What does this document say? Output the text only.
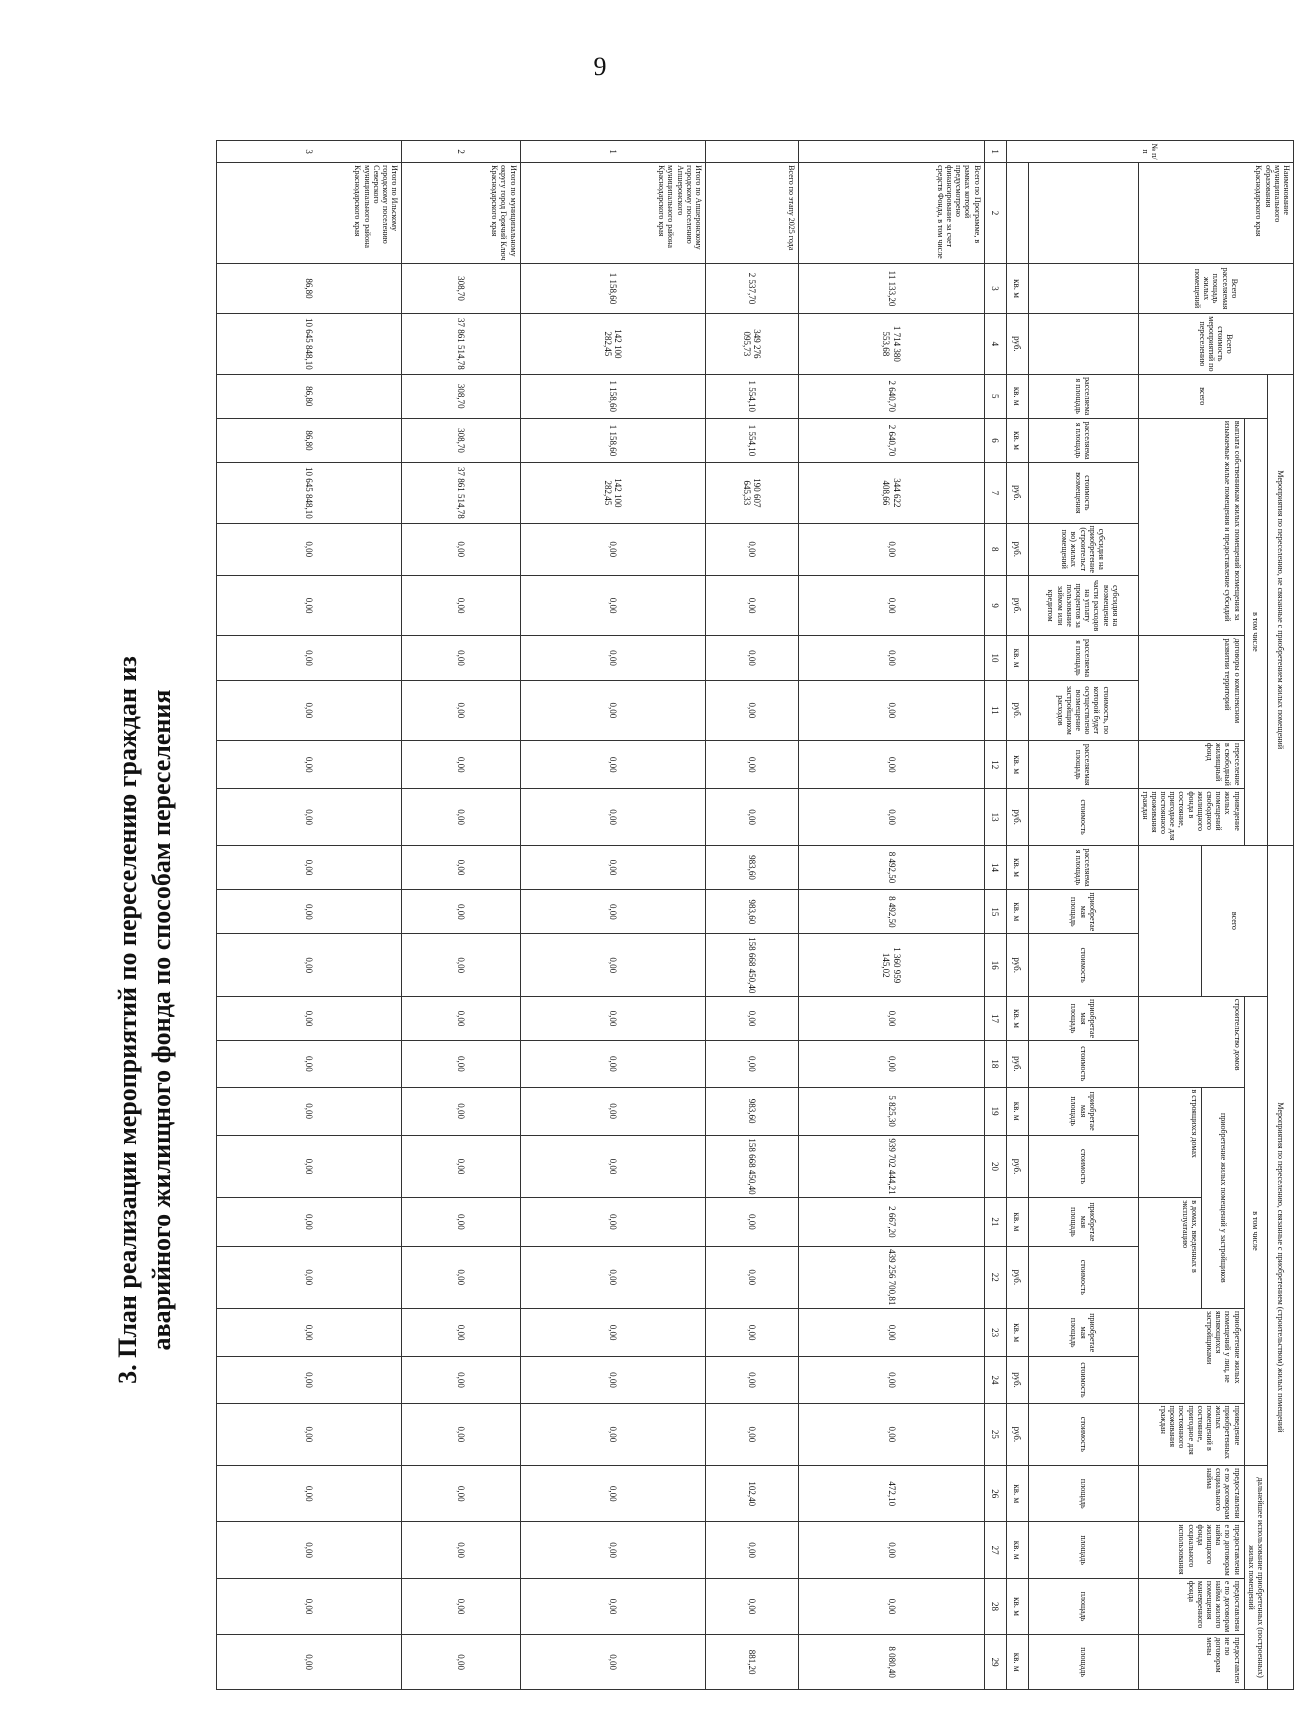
9
3. План реализации мероприятий по переселению граждан из аварийного жилищного фонда по способам переселения
№ п/п	Наименование муниципального образования Краснодарского края	Всего расселяемая площадь жилых помещений	Всего стоимость мероприятий по переселению	Мероприятия по переселению, не связанные с приобретением жилых помещений									Мероприятия по переселению, связанные с приобретением (строительством) жилых помещений															
				всего	в том числе								всего			в том числе									дальнейшее использование приобретенных (построенных) жилых помещений			
					выплата собственникам жилых помещений возмещения за изымаемые жилые помещения и предоставление субсидий				договоры о комплексном развитии территорий		переселение в свободный жилищный фонд	приведение жилых помещений свободного жилищного фонда в состояние, пригодное для постоянного проживания граждан				строительство домов		приобретение жилых помещений у застройщиков				приобретение жилых помещений у лиц, не являющихся застройщиками		приведение приобретенных жилых помещений в состояние, пригодное для постоянного проживания граждан	предоставление по договорам социального найма	предоставление по договорам найма жилищного фонда социального использования	предоставление по договорам найма жилого помещения маневренного фонда	предоставление по договорам мены
																		в строящихся домах		в домах, введенных в эксплуатацию								
				расселяемая площадь	расселяемая площадь	стоимость возмещения	субсидия на приобретение (строительство) жилых помещений	субсидия на возмещение части расходов на уплату процентов за пользование займом или кредитом	расселяемая площадь	стоимость, по которой будет осуществлено возмещение застройщиком расходов	расселяемая площадь	стоимость	расселяемая площадь	приобретаемая площадь	стоимость	приобретаемая площадь	стоимость	приобретаемая площадь	стоимость	приобретаемая площадь	стоимость	приобретаемая площадь	стоимость	стоимость	площадь	площадь	площадь	площадь
		кв. м	руб.	кв. м	кв. м	руб.	руб.	руб.	кв. м	руб.	кв. м	руб.	кв. м	кв. м	руб.	кв. м	руб.	кв. м	руб.	кв. м	руб.	кв. м	руб.	руб.	кв. м	кв. м	кв. м	кв. м
1	2	3	4	5	6	7	8	9	10	11	12	13	14	15	16	17	18	19	20	21	22	23	24	25	26	27	28	29
	Всего по Программе, в рамках которой предусмотрено финансирование за счет средств Фонда, в том числе	11 133,20	1 714 380 553,68	2 640,70	2 640,70	344 622 408,66	0,00	0,00	0,00	0,00	0,00	0,00	8 492,50	8 492,50	1 360 959 145,02	0,00	0,00	5 825,30	939 702 444,21	2 667,20	439 256 700,81	0,00	0,00	0,00	472,10	0,00	0,00	8 080,40
	Всего по этапу 2025 года	2 537,70	349 276 095,73	1 554,10	1 554,10	190 607 645,33	0,00	0,00	0,00	0,00	0,00	0,00	983,60	983,60	158 668 450,40	0,00	0,00	983,60	158 668 450,40	0,00	0,00	0,00	0,00	0,00	102,40	0,00	0,00	881,20
1	Итого по Апшеронскому городскому поселению Апшеронского муниципального района Краснодарского края	1 158,60	142 100 282,45	1 158,60	1 158,60	142 100 282,45	0,00	0,00	0,00	0,00	0,00	0,00	0,00	0,00	0,00	0,00	0,00	0,00	0,00	0,00	0,00	0,00	0,00	0,00	0,00	0,00	0,00	0,00
2	Итого по муниципальному округу город Горячий Ключ Краснодарского края	308,70	37 861 514,78	308,70	308,70	37 861 514,78	0,00	0,00	0,00	0,00	0,00	0,00	0,00	0,00	0,00	0,00	0,00	0,00	0,00	0,00	0,00	0,00	0,00	0,00	0,00	0,00	0,00	0,00
3	Итого по Ильскому городскому поселению Северского муниципального района Краснодарского края	86,80	10 645 848,10	86,80	86,80	10 645 848,10	0,00	0,00	0,00	0,00	0,00	0,00	0,00	0,00	0,00	0,00	0,00	0,00	0,00	0,00	0,00	0,00	0,00	0,00	0,00	0,00	0,00	0,00
